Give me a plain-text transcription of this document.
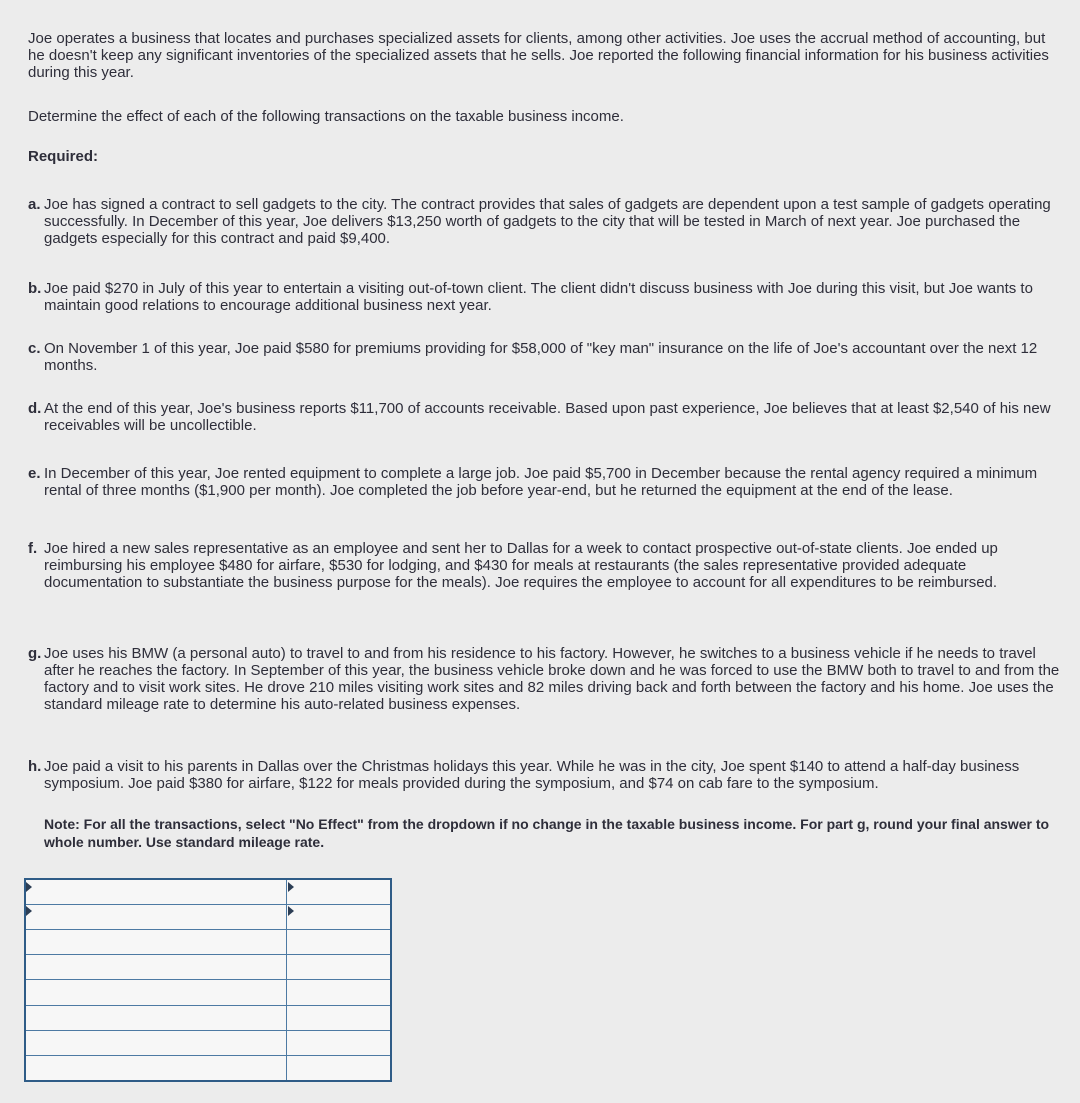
Joe operates a business that locates and purchases specialized assets for clients, among other activities. Joe uses the accrual method of accounting, but he doesn't keep any significant inventories of the specialized assets that he sells. Joe reported the following financial information for his business activities during this year.

Determine the effect of each of the following transactions on the taxable business income.

Required:

a. Joe has signed a contract to sell gadgets to the city. The contract provides that sales of gadgets are dependent upon a test sample of gadgets operating successfully. In December of this year, Joe delivers $13,250 worth of gadgets to the city that will be tested in March of next year. Joe purchased the gadgets especially for this contract and paid $9,400.

b. Joe paid $270 in July of this year to entertain a visiting out-of-town client. The client didn't discuss business with Joe during this visit, but Joe wants to maintain good relations to encourage additional business next year.

c. On November 1 of this year, Joe paid $580 for premiums providing for $58,000 of "key man" insurance on the life of Joe's accountant over the next 12 months.

d. At the end of this year, Joe's business reports $11,700 of accounts receivable. Based upon past experience, Joe believes that at least $2,540 of his new receivables will be uncollectible.

e. In December of this year, Joe rented equipment to complete a large job. Joe paid $5,700 in December because the rental agency required a minimum rental of three months ($1,900 per month). Joe completed the job before year-end, but he returned the equipment at the end of the lease.

f. Joe hired a new sales representative as an employee and sent her to Dallas for a week to contact prospective out-of-state clients. Joe ended up reimbursing his employee $480 for airfare, $530 for lodging, and $430 for meals at restaurants (the sales representative provided adequate documentation to substantiate the business purpose for the meals). Joe requires the employee to account for all expenditures to be reimbursed.

g. Joe uses his BMW (a personal auto) to travel to and from his residence to his factory. However, he switches to a business vehicle if he needs to travel after he reaches the factory. In September of this year, the business vehicle broke down and he was forced to use the BMW both to travel to and from the factory and to visit work sites. He drove 210 miles visiting work sites and 82 miles driving back and forth between the factory and his home. Joe uses the standard mileage rate to determine his auto-related business expenses.

h. Joe paid a visit to his parents in Dallas over the Christmas holidays this year. While he was in the city, Joe spent $140 to attend a half-day business symposium. Joe paid $380 for airfare, $122 for meals provided during the symposium, and $74 on cab fare to the symposium.

Note: For all the transactions, select "No Effect" from the dropdown if no change in the taxable business income. For part g, round your final answer to whole number. Use standard mileage rate.
